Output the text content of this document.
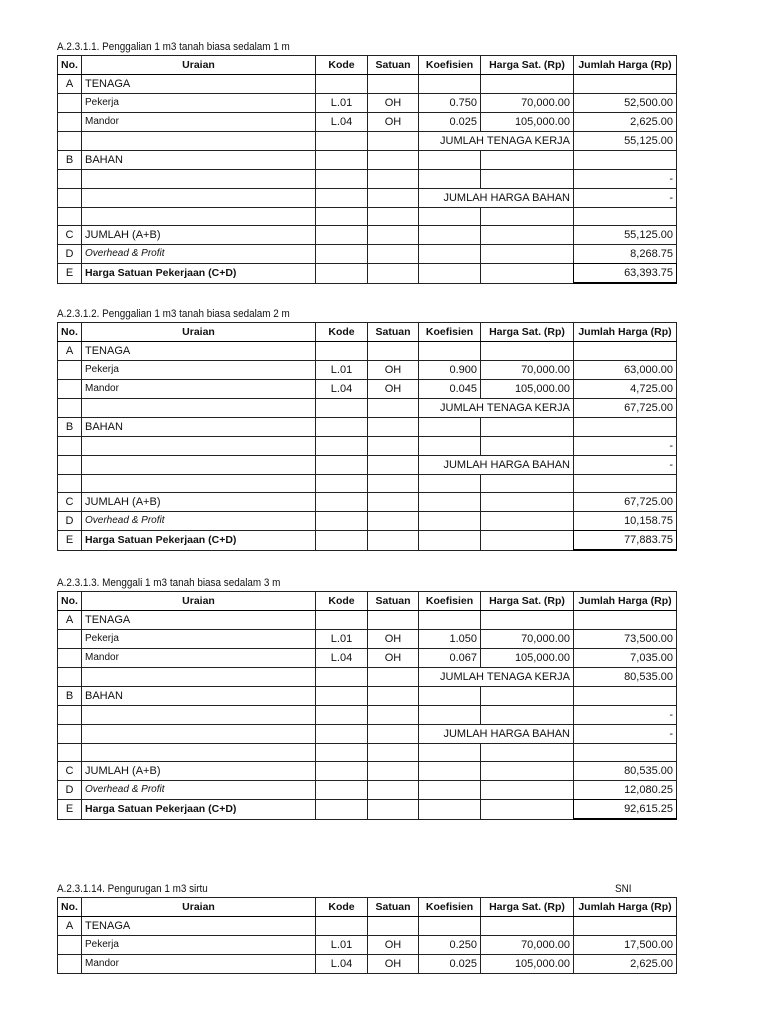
A.2.3.1.1. Penggalian 1 m3 tanah biasa sedalam 1 m
No.	Uraian	Kode	Satuan	Koefisien	Harga Sat. (Rp)	Jumlah Harga (Rp)
A	TENAGA					
	Pekerja	L.01	OH	0.750	70,000.00	52,500.00
	Mandor	L.04	OH	0.025	105,000.00	2,625.00
				JUMLAH TENAGA KERJA		55,125.00
B	BAHAN					
						-
				JUMLAH HARGA BAHAN		-

C	JUMLAH (A+B)					55,125.00
D	Overhead & Profit					8,268.75
E	Harga Satuan Pekerjaan (C+D)					63,393.75
A.2.3.1.2. Penggalian 1 m3 tanah biasa sedalam 2 m
No.	Uraian	Kode	Satuan	Koefisien	Harga Sat. (Rp)	Jumlah Harga (Rp)
A	TENAGA					
	Pekerja	L.01	OH	0.900	70,000.00	63,000.00
	Mandor	L.04	OH	0.045	105,000.00	4,725.00
				JUMLAH TENAGA KERJA		67,725.00
B	BAHAN					
						-
				JUMLAH HARGA BAHAN		-

C	JUMLAH (A+B)					67,725.00
D	Overhead & Profit					10,158.75
E	Harga Satuan Pekerjaan (C+D)					77,883.75
A.2.3.1.3. Menggali 1 m3 tanah biasa sedalam 3 m
No.	Uraian	Kode	Satuan	Koefisien	Harga Sat. (Rp)	Jumlah Harga (Rp)
A	TENAGA					
	Pekerja	L.01	OH	1.050	70,000.00	73,500.00
	Mandor	L.04	OH	0.067	105,000.00	7,035.00
				JUMLAH TENAGA KERJA		80,535.00
B	BAHAN					
						-
				JUMLAH HARGA BAHAN		-

C	JUMLAH (A+B)					80,535.00
D	Overhead & Profit					12,080.25
E	Harga Satuan Pekerjaan (C+D)					92,615.25
A.2.3.1.14. Pengurugan 1 m3 sirtu	SNI
No.	Uraian	Kode	Satuan	Koefisien	Harga Sat. (Rp)	Jumlah Harga (Rp)
A	TENAGA					
	Pekerja	L.01	OH	0.250	70,000.00	17,500.00
	Mandor	L.04	OH	0.025	105,000.00	2,625.00
